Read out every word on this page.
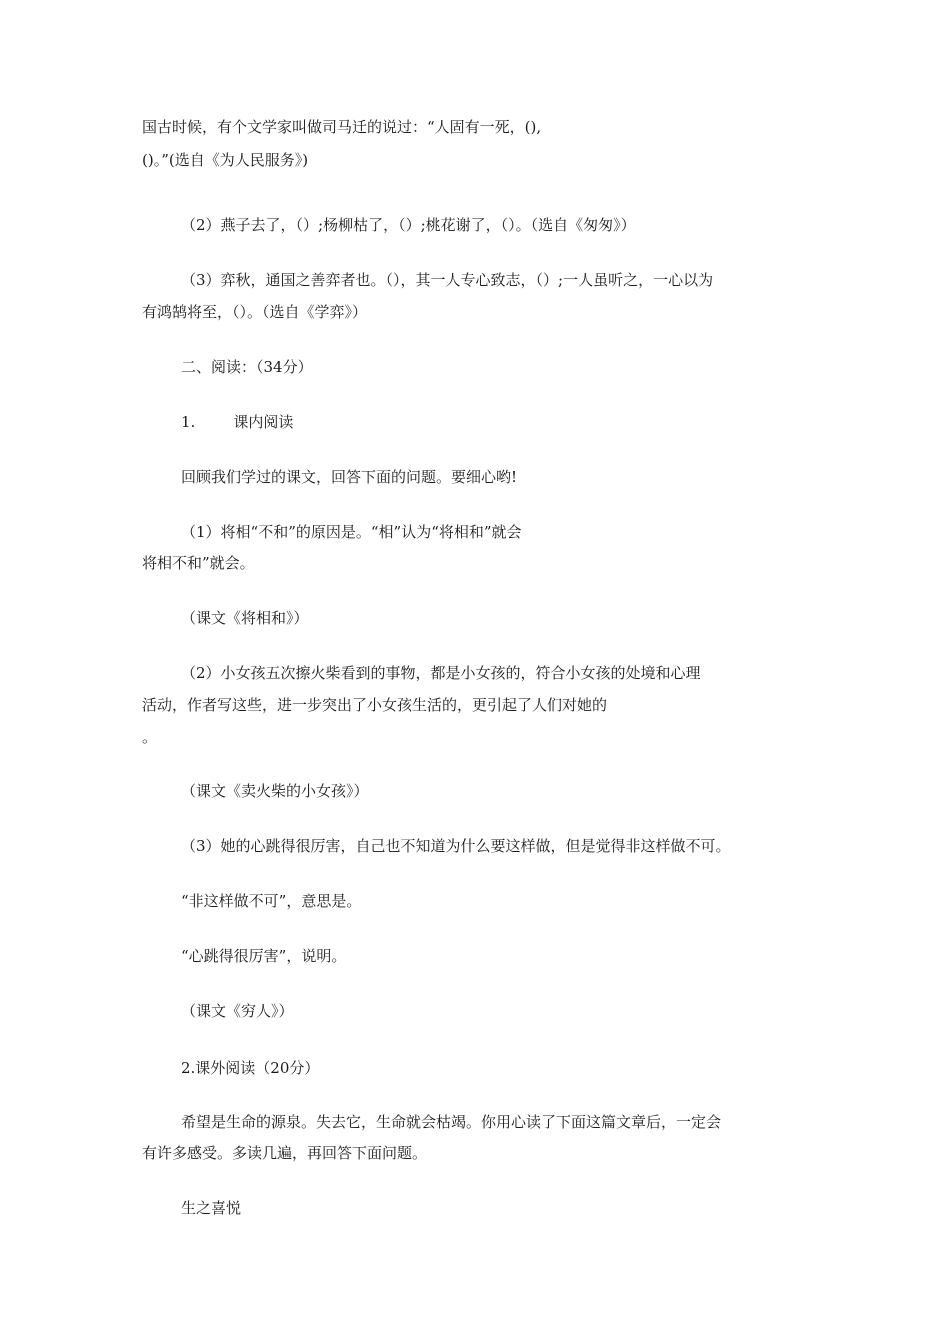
国古时候，有个文学家叫做司马迁的说过：“人固有一死，(),
()。”(选自《为人民服务》)
（2）燕子去了，（）;杨柳枯了，（）;桃花谢了，（）。（选自《匆匆》）
（3）弈秋，通国之善弈者也。（），其一人专心致志，（）;一人虽听之，一心以为
有鸿鹄将至，（）。（选自《学弈》）
二、阅读：（34分）
1.	课内阅读
回顾我们学过的课文，回答下面的问题。要细心哟!
（1）将相“不和”的原因是。“相”认为“将相和”就会
将相不和”就会。
（课文《将相和》）
（2）小女孩五次擦火柴看到的事物，都是小女孩的，符合小女孩的处境和心理
活动，作者写这些，进一步突出了小女孩生活的，更引起了人们对她的
。
（课文《卖火柴的小女孩》）
（3）她的心跳得很厉害，自己也不知道为什么要这样做，但是觉得非这样做不可。
“非这样做不可”，意思是。
“心跳得很厉害”，说明。
（课文《穷人》）
2.课外阅读（20分）
希望是生命的源泉。失去它，生命就会枯竭。你用心读了下面这篇文章后，一定会
有许多感受。多读几遍，再回答下面问题。
生之喜悦
